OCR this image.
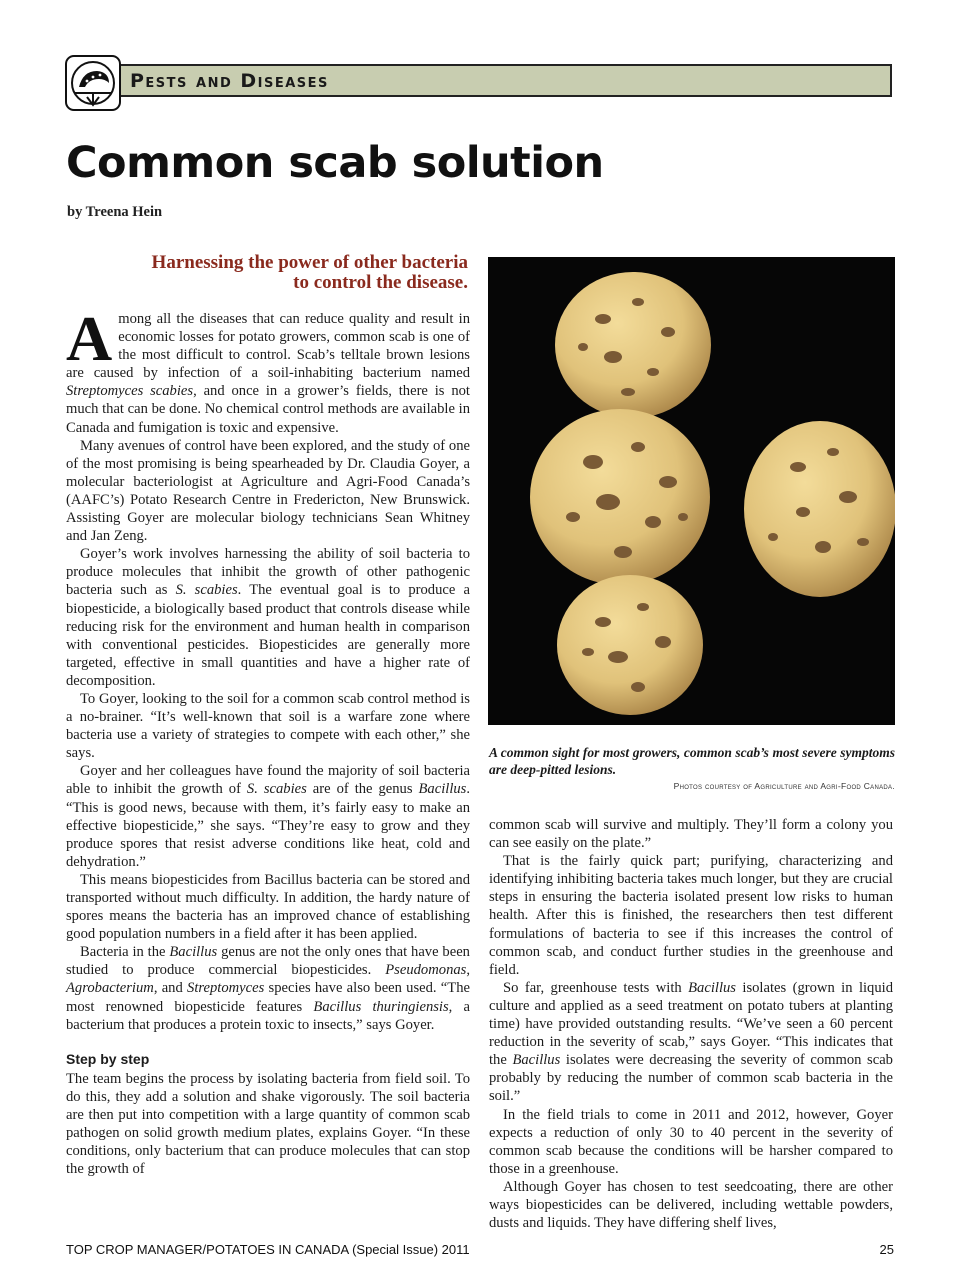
Pests and Diseases
Common scab solution
by Treena Hein
Harnessing the power of other bacteria
to control the disease.

Among all the diseases that can reduce quality and result in economic losses for potato growers, common scab is one of the most difficult to control. Scab’s telltale brown lesions are caused by infection of a soil-inhabiting bacterium named Streptomyces scabies, and once in a grower’s fields, there is not much that can be done. No chemical control methods are available in Canada and fumigation is toxic and expensive.

Many avenues of control have been explored, and the study of one of the most promising is being spearheaded by Dr. Claudia Goyer, a molecular bacteriologist at Agriculture and Agri-Food Canada’s (AAFC’s) Potato Research Centre in Fredericton, New Brunswick. Assisting Goyer are molecular biology technicians Sean Whitney and Jan Zeng.

Goyer’s work involves harnessing the ability of soil bacteria to produce molecules that inhibit the growth of other pathogenic bacteria such as S. scabies. The eventual goal is to produce a biopesticide, a biologically based product that controls disease while reducing risk for the environment and human health in comparison with conventional pesticides. Biopesticides are generally more targeted, effective in small quantities and have a higher rate of decomposition.

To Goyer, looking to the soil for a common scab control method is a no-brainer. “It’s well-known that soil is a warfare zone where bacteria use a variety of strategies to compete with each other,” she says.

Goyer and her colleagues have found the majority of soil bacteria able to inhibit the growth of S. scabies are of the genus Bacillus. “This is good news, because with them, it’s fairly easy to make an effective biopesticide,” she says. “They’re easy to grow and they produce spores that resist adverse conditions like heat, cold and dehydration.”

This means biopesticides from Bacillus bacteria can be stored and transported without much difficulty. In addition, the hardy nature of spores means the bacteria has an improved chance of establishing good population numbers in a field after it has been applied.

Bacteria in the Bacillus genus are not the only ones that have been studied to produce commercial biopesticides. Pseudomonas, Agrobacterium, and Streptomyces species have also been used. “The most renowned biopesticide features Bacillus thuringiensis, a bacterium that produces a protein toxic to insects,” says Goyer.

Step by step

The team begins the process by isolating bacteria from field soil. To do this, they add a solution and shake vigorously. The soil bacteria are then put into competition with a large quantity of common scab pathogen on solid growth medium plates, explains Goyer. “In these conditions, only bacterium that can produce molecules that can stop the growth of

A common sight for most growers, common scab’s most severe symptoms are deep-pitted lesions.
Photos courtesy of Agriculture and Agri-Food Canada.

common scab will survive and multiply. They’ll form a colony you can see easily on the plate.”

That is the fairly quick part; purifying, characterizing and identifying inhibiting bacteria takes much longer, but they are crucial steps in ensuring the bacteria isolated present low risks to human health. After this is finished, the researchers then test different formulations of bacteria to see if this increases the control of common scab, and conduct further studies in the greenhouse and field.

So far, greenhouse tests with Bacillus isolates (grown in liquid culture and applied as a seed treatment on potato tubers at planting time) have provided outstanding results. “We’ve seen a 60 percent reduction in the severity of scab,” says Goyer. “This indicates that the Bacillus isolates were decreasing the severity of common scab probably by reducing the number of common scab bacteria in the soil.”

In the field trials to come in 2011 and 2012, however, Goyer expects a reduction of only 30 to 40 percent in the severity of common scab because the conditions will be harsher compared to those in a greenhouse.

Although Goyer has chosen to test seedcoating, there are other ways biopesticides can be delivered, including wettable powders, dusts and liquids. They have differing shelf lives,

TOP CROP MANAGER/POTATOES IN CANADA (Special Issue) 2011	25
